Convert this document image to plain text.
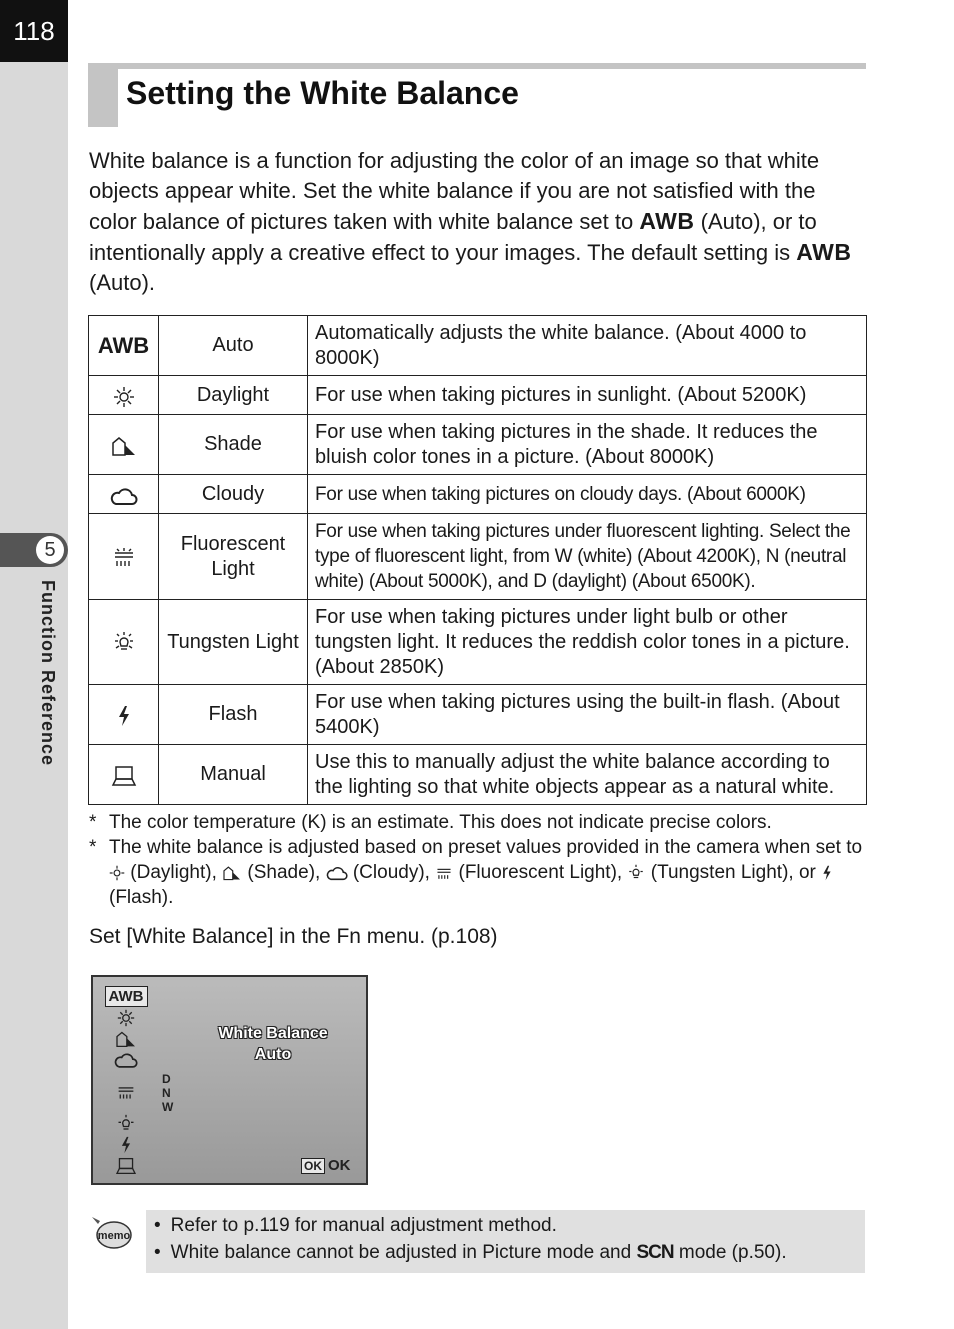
118
5
Function Reference
Setting the White Balance

White balance is a function for adjusting the color of an image so that white objects appear white. Set the white balance if you are not satisfied with the color balance of pictures taken with white balance set to AWB (Auto), or to intentionally apply a creative effect to your images. The default setting is AWB (Auto).

AWB	Auto	Automatically adjusts the white balance. (About 4000 to 8000K)
	Daylight	For use when taking pictures in sunlight. (About 5200K)
	Shade	For use when taking pictures in the shade. It reduces the bluish color tones in a picture. (About 8000K)
	Cloudy	For use when taking pictures on cloudy days. (About 6000K)
	Fluorescent Light	For use when taking pictures under fluorescent lighting. Select the type of fluorescent light, from W (white) (About 4200K), N (neutral white) (About 5000K), and D (daylight) (About 6500K).
	Tungsten Light	For use when taking pictures under light bulb or other tungsten light. It reduces the reddish color tones in a picture. (About 2850K)
	Flash	For use when taking pictures using the built-in flash. (About 5400K)
	Manual	Use this to manually adjust the white balance according to the lighting so that white objects appear as a natural white.

* The color temperature (K) is an estimate. This does not indicate precise colors.

* The white balance is adjusted based on preset values provided in the camera when set to  (Daylight), (Shade), (Cloudy), (Fluorescent Light), (Tungsten Light), or  (Flash).

Set [White Balance] in the Fn menu. (p.108)

AWB
D
N
W
White Balance
Auto
OK OK
memo • Refer to p.119 for manual adjustment method.

• White balance cannot be adjusted in Picture mode and SCN mode (p.50).
